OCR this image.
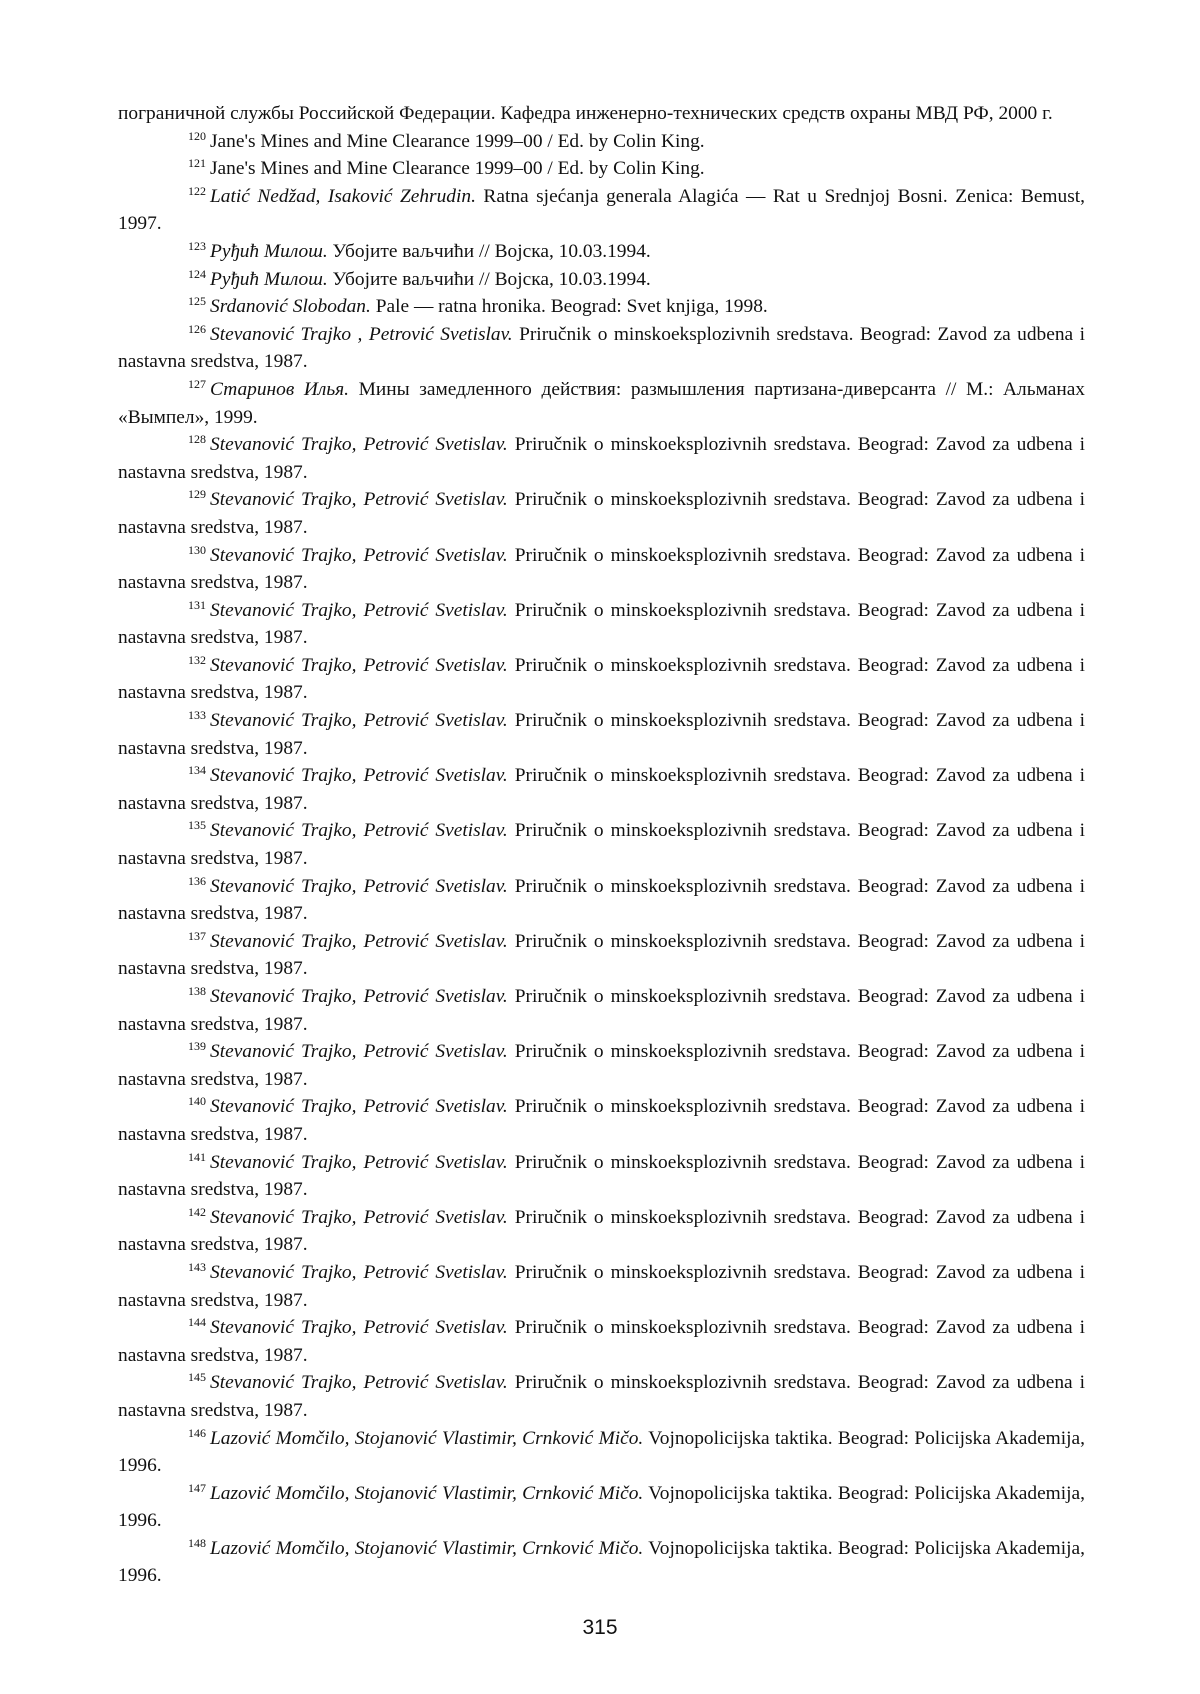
пограничной службы Российской Федерации. Кафедра инженерно-технических средств охраны МВД РФ, 2000 г.

$^{120}$ Jane's Mines and Mine Clearance 1999–00 / Ed. by Colin King.

$^{121}$ Jane's Mines and Mine Clearance 1999–00 / Ed. by Colin King.

$^{122}$ Latić Nedžad, Isaković Zehrudin. Ratna sjećanja generala Alagića — Rat u Srednjoj Bosni. Zenica: Bemust, 1997.

$^{123}$ Руђић Милош. Убојите ваљчићи // Војска, 10.03.1994.

$^{124}$ Руђић Милош. Убојите ваљчићи // Војска, 10.03.1994.

$^{125}$ Srdanović Slobodan. Pale — ratna hronika. Beograd: Svet knjiga, 1998.

$^{126}$ Stevanović Trajko , Petrović Svetislav. Priručnik o minskoeksplozivnih sredstava. Beograd: Zavod za udbena i nastavna sredstva, 1987.

$^{127}$ Старинов Илья. Мины замедленного действия: размышления партизана-диверсанта // М.: Альманах «Вымпел», 1999.

$^{128}$ Stevanović Trajko, Petrović Svetislav. Priručnik o minskoeksplozivnih sredstava. Beograd: Zavod za udbena i nastavna sredstva, 1987.

$^{129}$ Stevanović Trajko, Petrović Svetislav. Priručnik o minskoeksplozivnih sredstava. Beograd: Zavod za udbena i nastavna sredstva, 1987.

$^{130}$ Stevanović Trajko, Petrović Svetislav. Priručnik o minskoeksplozivnih sredstava. Beograd: Zavod za udbena i nastavna sredstva, 1987.

$^{131}$ Stevanović Trajko, Petrović Svetislav. Priručnik o minskoeksplozivnih sredstava. Beograd: Zavod za udbena i nastavna sredstva, 1987.

$^{132}$ Stevanović Trajko, Petrović Svetislav. Priručnik o minskoeksplozivnih sredstava. Beograd: Zavod za udbena i nastavna sredstva, 1987.

$^{133}$ Stevanović Trajko, Petrović Svetislav. Priručnik o minskoeksplozivnih sredstava. Beograd: Zavod za udbena i nastavna sredstva, 1987.

$^{134}$ Stevanović Trajko, Petrović Svetislav. Priručnik o minskoeksplozivnih sredstava. Beograd: Zavod za udbena i nastavna sredstva, 1987.

$^{135}$ Stevanović Trajko, Petrović Svetislav. Priručnik o minskoeksplozivnih sredstava. Beograd: Zavod za udbena i nastavna sredstva, 1987.

$^{136}$ Stevanović Trajko, Petrović Svetislav. Priručnik o minskoeksplozivnih sredstava. Beograd: Zavod za udbena i nastavna sredstva, 1987.

$^{137}$ Stevanović Trajko, Petrović Svetislav. Priručnik o minskoeksplozivnih sredstava. Beograd: Zavod za udbena i nastavna sredstva, 1987.

$^{138}$ Stevanović Trajko, Petrović Svetislav. Priručnik o minskoeksplozivnih sredstava. Beograd: Zavod za udbena i nastavna sredstva, 1987.

$^{139}$ Stevanović Trajko, Petrović Svetislav. Priručnik o minskoeksplozivnih sredstava. Beograd: Zavod za udbena i nastavna sredstva, 1987.

$^{140}$ Stevanović Trajko, Petrović Svetislav. Priručnik o minskoeksplozivnih sredstava. Beograd: Zavod za udbena i nastavna sredstva, 1987.

$^{141}$ Stevanović Trajko, Petrović Svetislav. Priručnik o minskoeksplozivnih sredstava. Beograd: Zavod za udbena i nastavna sredstva, 1987.

$^{142}$ Stevanović Trajko, Petrović Svetislav. Priručnik o minskoeksplozivnih sredstava. Beograd: Zavod za udbena i nastavna sredstva, 1987.

$^{143}$ Stevanović Trajko, Petrović Svetislav. Priručnik o minskoeksplozivnih sredstava. Beograd: Zavod za udbena i nastavna sredstva, 1987.

$^{144}$ Stevanović Trajko, Petrović Svetislav. Priručnik o minskoeksplozivnih sredstava. Beograd: Zavod za udbena i nastavna sredstva, 1987.

$^{145}$ Stevanović Trajko, Petrović Svetislav. Priručnik o minskoeksplozivnih sredstava. Beograd: Zavod za udbena i nastavna sredstva, 1987.

$^{146}$ Lazović Momčilo, Stojanović Vlastimir, Crnković Mičo. Vojnopolicijska taktika. Beograd: Policijska Akademija, 1996.

$^{147}$ Lazović Momčilo, Stojanović Vlastimir, Crnković Mičo. Vojnopolicijska taktika. Beograd: Policijska Akademija, 1996.

$^{148}$ Lazović Momčilo, Stojanović Vlastimir, Crnković Mičo. Vojnopolicijska taktika. Beograd: Policijska Akademija, 1996.

315
